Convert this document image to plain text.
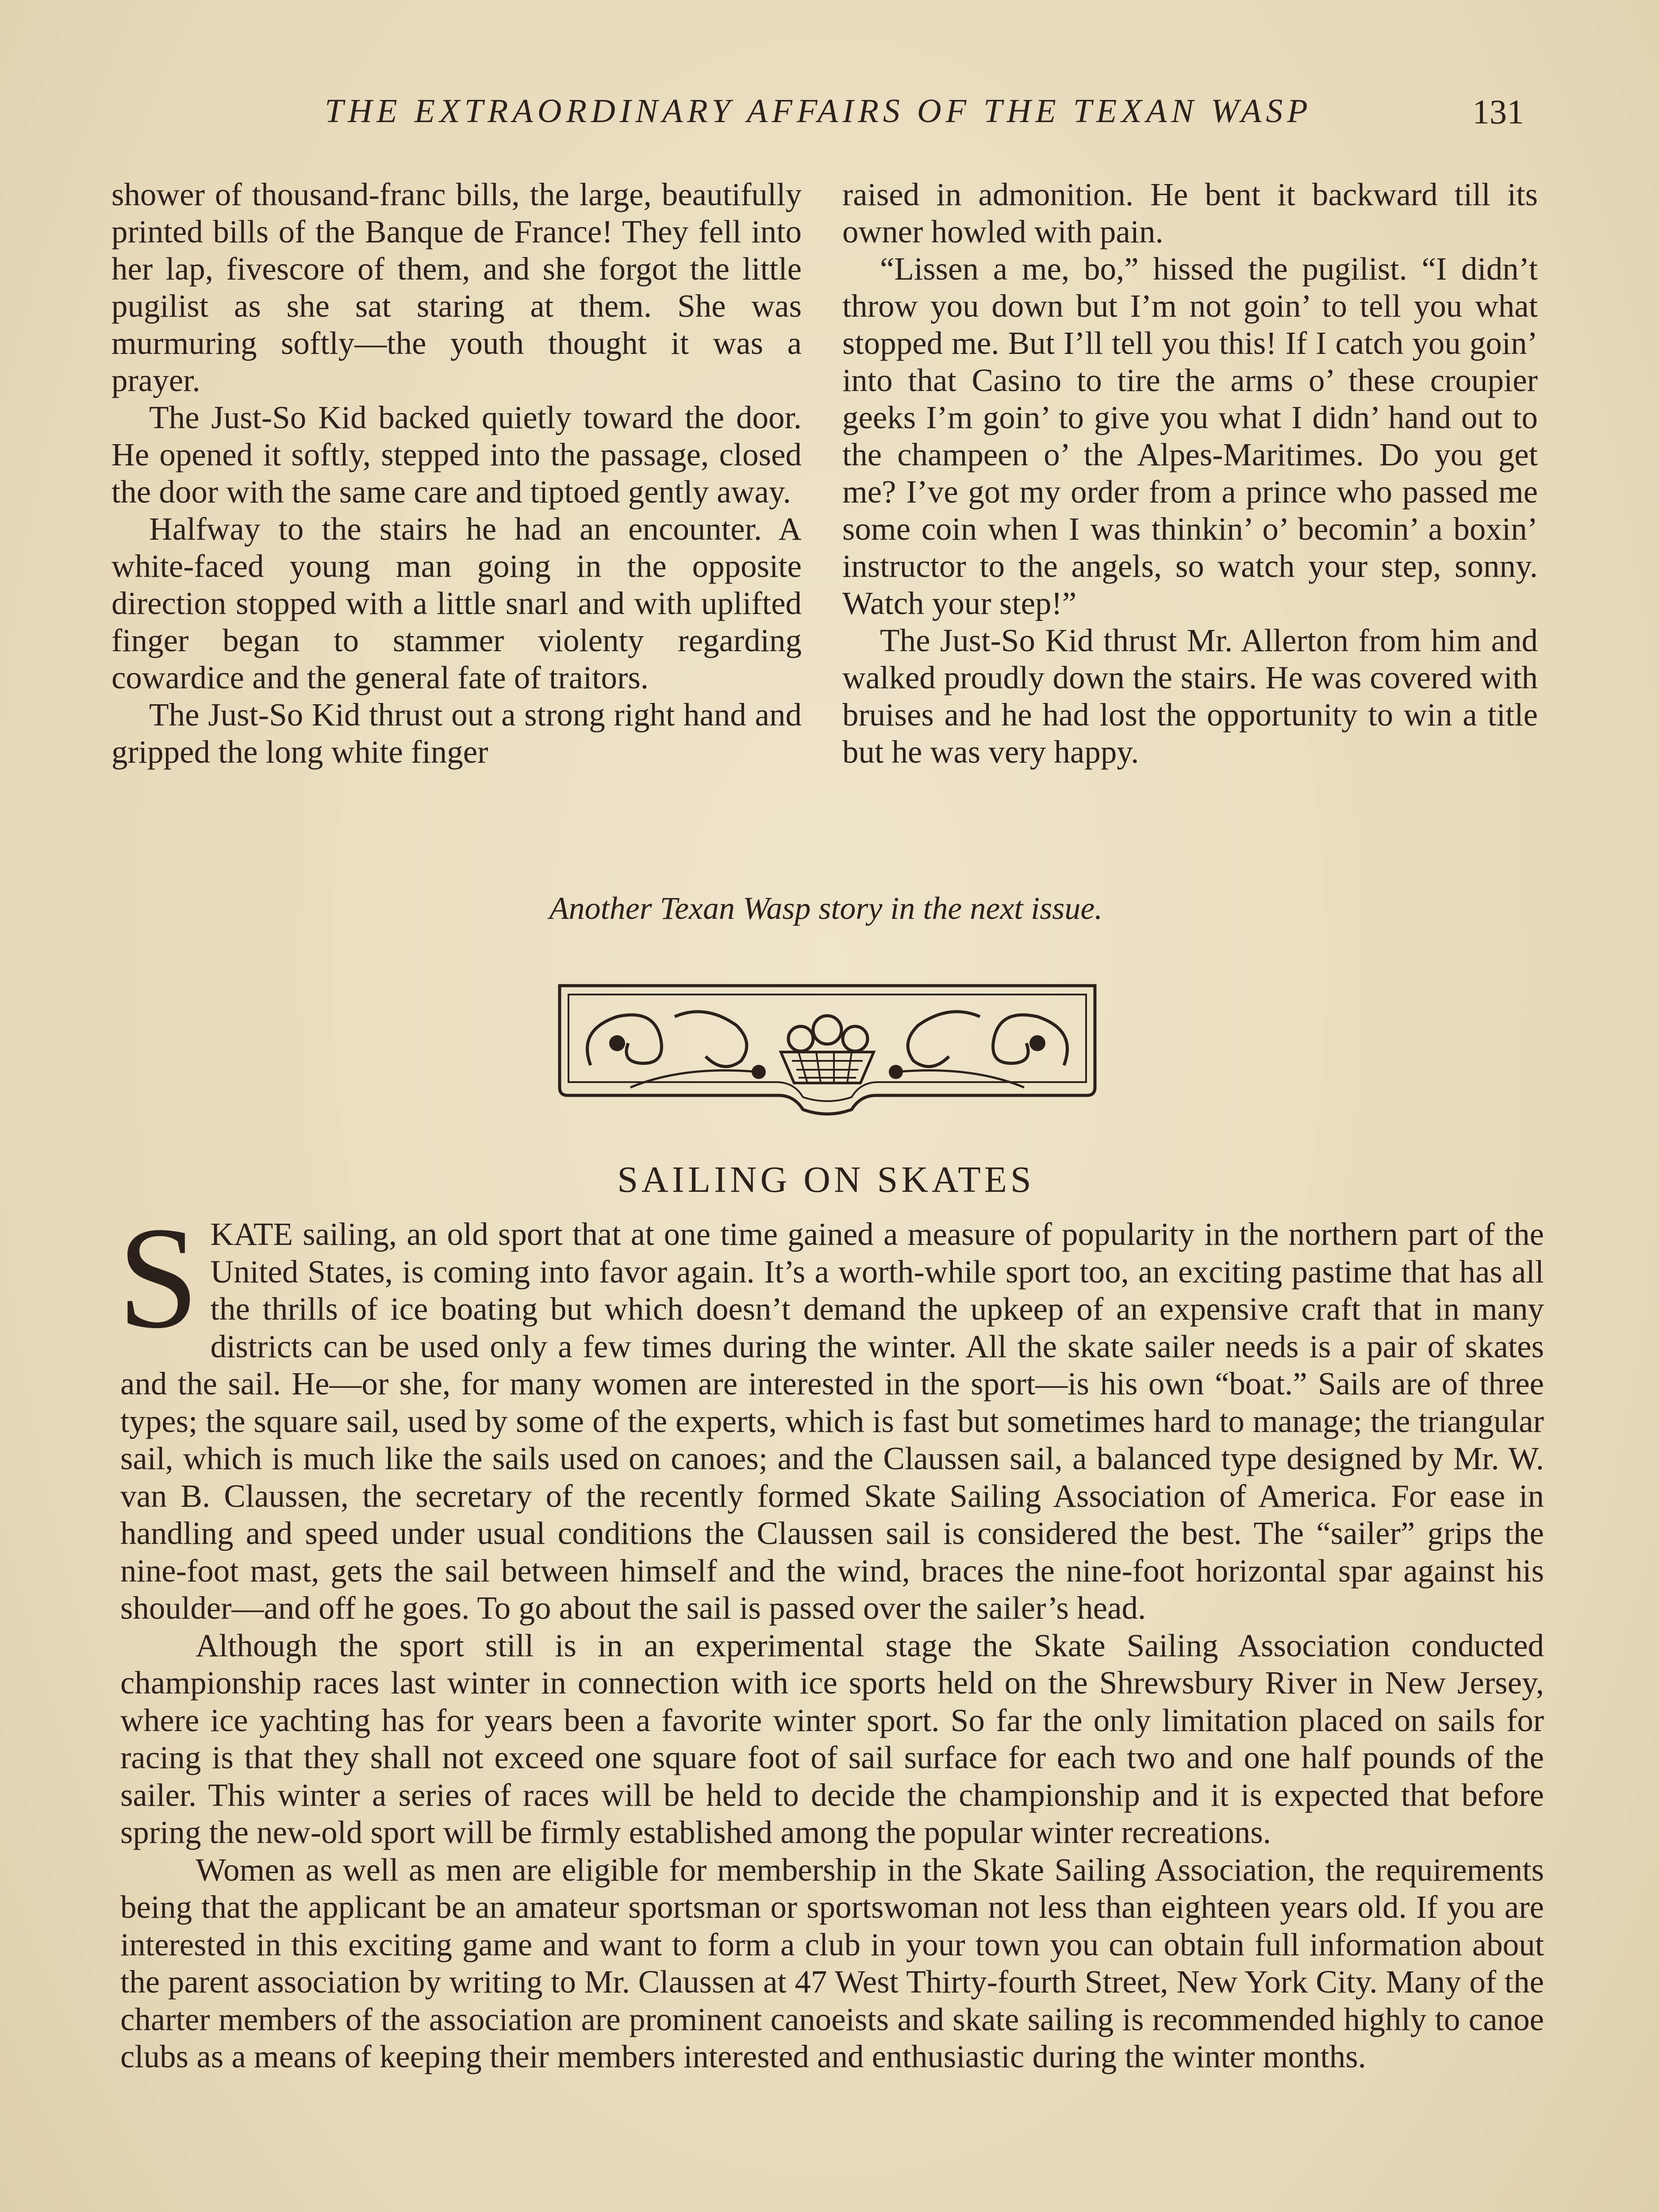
THE EXTRAORDINARY AFFAIRS OF THE TEXAN WASP	131

shower of thousand-franc bills, the large, beautifully printed bills of the Banque de France! They fell into her lap, fivescore of them, and she forgot the little pugilist as she sat staring at them. She was murmuring softly—the youth thought it was a prayer.

The Just-So Kid backed quietly toward the door. He opened it softly, stepped into the passage, closed the door with the same care and tiptoed gently away.

Halfway to the stairs he had an encounter. A white-faced young man going in the opposite direction stopped with a little snarl and with uplifted finger began to stammer violenty regarding cowardice and the general fate of traitors.

The Just-So Kid thrust out a strong right hand and gripped the long white finger

raised in admonition. He bent it backward till its owner howled with pain.

“Lissen a me, bo,” hissed the pugilist. “I didn’t throw you down but I’m not goin’ to tell you what stopped me. But I’ll tell you this! If I catch you goin’ into that Casino to tire the arms o’ these croupier geeks I’m goin’ to give you what I didn’ hand out to the champeen o’ the Alpes-Maritimes. Do you get me? I’ve got my order from a prince who passed me some coin when I was thinkin’ o’ becomin’ a boxin’ instructor to the angels, so watch your step, sonny. Watch your step!”

The Just-So Kid thrust Mr. Allerton from him and walked proudly down the stairs. He was covered with bruises and he had lost the opportunity to win a title but he was very happy.

Another Texan Wasp story in the next issue.
SAILING ON SKATES

SKATE sailing, an old sport that at one time gained a measure of popularity in the northern part of the United States, is coming into favor again. It’s a worth-while sport too, an exciting pastime that has all the thrills of ice boating but which doesn’t demand the upkeep of an expensive craft that in many districts can be used only a few times during the winter. All the skate sailer needs is a pair of skates and the sail. He—or she, for many women are interested in the sport—is his own “boat.” Sails are of three types; the square sail, used by some of the experts, which is fast but sometimes hard to manage; the triangular sail, which is much like the sails used on canoes; and the Claussen sail, a balanced type designed by Mr. W. van B. Claussen, the secretary of the recently formed Skate Sailing Association of America. For ease in handling and speed under usual conditions the Claussen sail is considered the best. The “sailer” grips the nine-foot mast, gets the sail between himself and the wind, braces the nine-foot horizontal spar against his shoulder—and off he goes. To go about the sail is passed over the sailer’s head.

Although the sport still is in an experimental stage the Skate Sailing Association conducted championship races last winter in connection with ice sports held on the Shrewsbury River in New Jersey, where ice yachting has for years been a favorite winter sport. So far the only limitation placed on sails for racing is that they shall not exceed one square foot of sail surface for each two and one half pounds of the sailer. This winter a series of races will be held to decide the championship and it is expected that before spring the new-old sport will be firmly established among the popular winter recreations.

Women as well as men are eligible for membership in the Skate Sailing Association, the requirements being that the applicant be an amateur sportsman or sportswoman not less than eighteen years old. If you are interested in this exciting game and want to form a club in your town you can obtain full information about the parent association by writing to Mr. Claussen at 47 West Thirty-fourth Street, New York City. Many of the charter members of the association are prominent canoeists and skate sailing is recommended highly to canoe clubs as a means of keeping their members interested and enthusiastic during the winter months.
